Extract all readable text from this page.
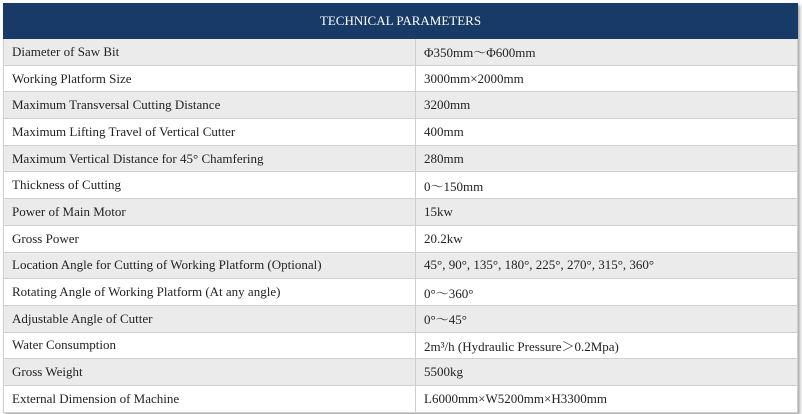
TECHNICAL PARAMETERS	
Diameter of Saw Bit	Φ350mm～Φ600mm
Working Platform Size	3000mm×2000mm
Maximum Transversal Cutting Distance	3200mm
Maximum Lifting Travel of Vertical Cutter	400mm
Maximum Vertical Distance for 45° Chamfering	280mm
Thickness of Cutting	0～150mm
Power of Main Motor	15kw
Gross Power	20.2kw
Location Angle for Cutting of Working Platform (Optional)	45°, 90°, 135°, 180°, 225°, 270°, 315°, 360°
Rotating Angle of Working Platform (At any angle)	0°～360°
Adjustable Angle of Cutter	0°～45°
Water Consumption	2m³/h (Hydraulic Pressure＞0.2Mpa)
Gross Weight	5500kg
External Dimension of Machine	L6000mm×W5200mm×H3300mm
